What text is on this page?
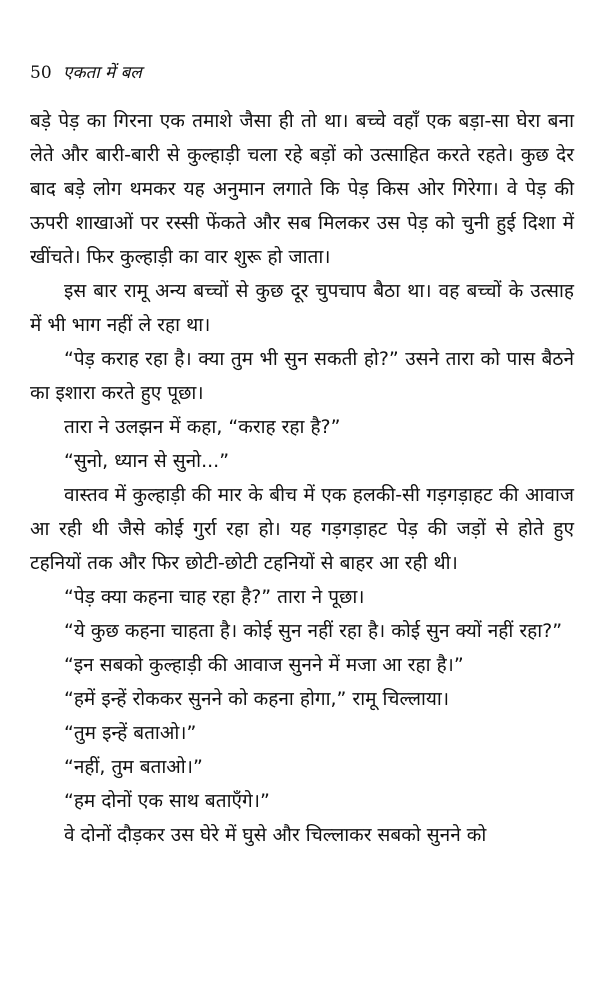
50 एकता में बल

बड़े पेड़ का गिरना एक तमाशे जैसा ही तो था। बच्चे वहाँ एक बड़ा-सा घेरा बना लेते और बारी-बारी से कुल्हाड़ी चला रहे बड़ों को उत्साहित करते रहते। कुछ देर बाद बड़े लोग थमकर यह अनुमान लगाते कि पेड़ किस ओर गिरेगा। वे पेड़ की ऊपरी शाखाओं पर रस्सी फेंकते और सब मिलकर उस पेड़ को चुनी हुई दिशा में खींचते। फिर कुल्हाड़ी का वार शुरू हो जाता।

इस बार रामू अन्य बच्चों से कुछ दूर चुपचाप बैठा था। वह बच्चों के उत्साह में भी भाग नहीं ले रहा था।

“पेड़ कराह रहा है। क्या तुम भी सुन सकती हो?” उसने तारा को पास बैठने का इशारा करते हुए पूछा।

तारा ने उलझन में कहा, “कराह रहा है?”

“सुनो, ध्यान से सुनो...”

वास्तव में कुल्हाड़ी की मार के बीच में एक हलकी-सी गड़गड़ाहट की आवाज आ रही थी जैसे कोई गुर्रा रहा हो। यह गड़गड़ाहट पेड़ की जड़ों से होते हुए टहनियों तक और फिर छोटी-छोटी टहनियों से बाहर आ रही थी।

“पेड़ क्या कहना चाह रहा है?” तारा ने पूछा।

“ये कुछ कहना चाहता है। कोई सुन नहीं रहा है। कोई सुन क्यों नहीं रहा?”

“इन सबको कुल्हाड़ी की आवाज सुनने में मजा आ रहा है।”

“हमें इन्हें रोककर सुनने को कहना होगा,” रामू चिल्लाया।

“तुम इन्हें बताओ।”

“नहीं, तुम बताओ।”

“हम दोनों एक साथ बताएँगे।”

वे दोनों दौड़कर उस घेरे में घुसे और चिल्लाकर सबको सुनने को
